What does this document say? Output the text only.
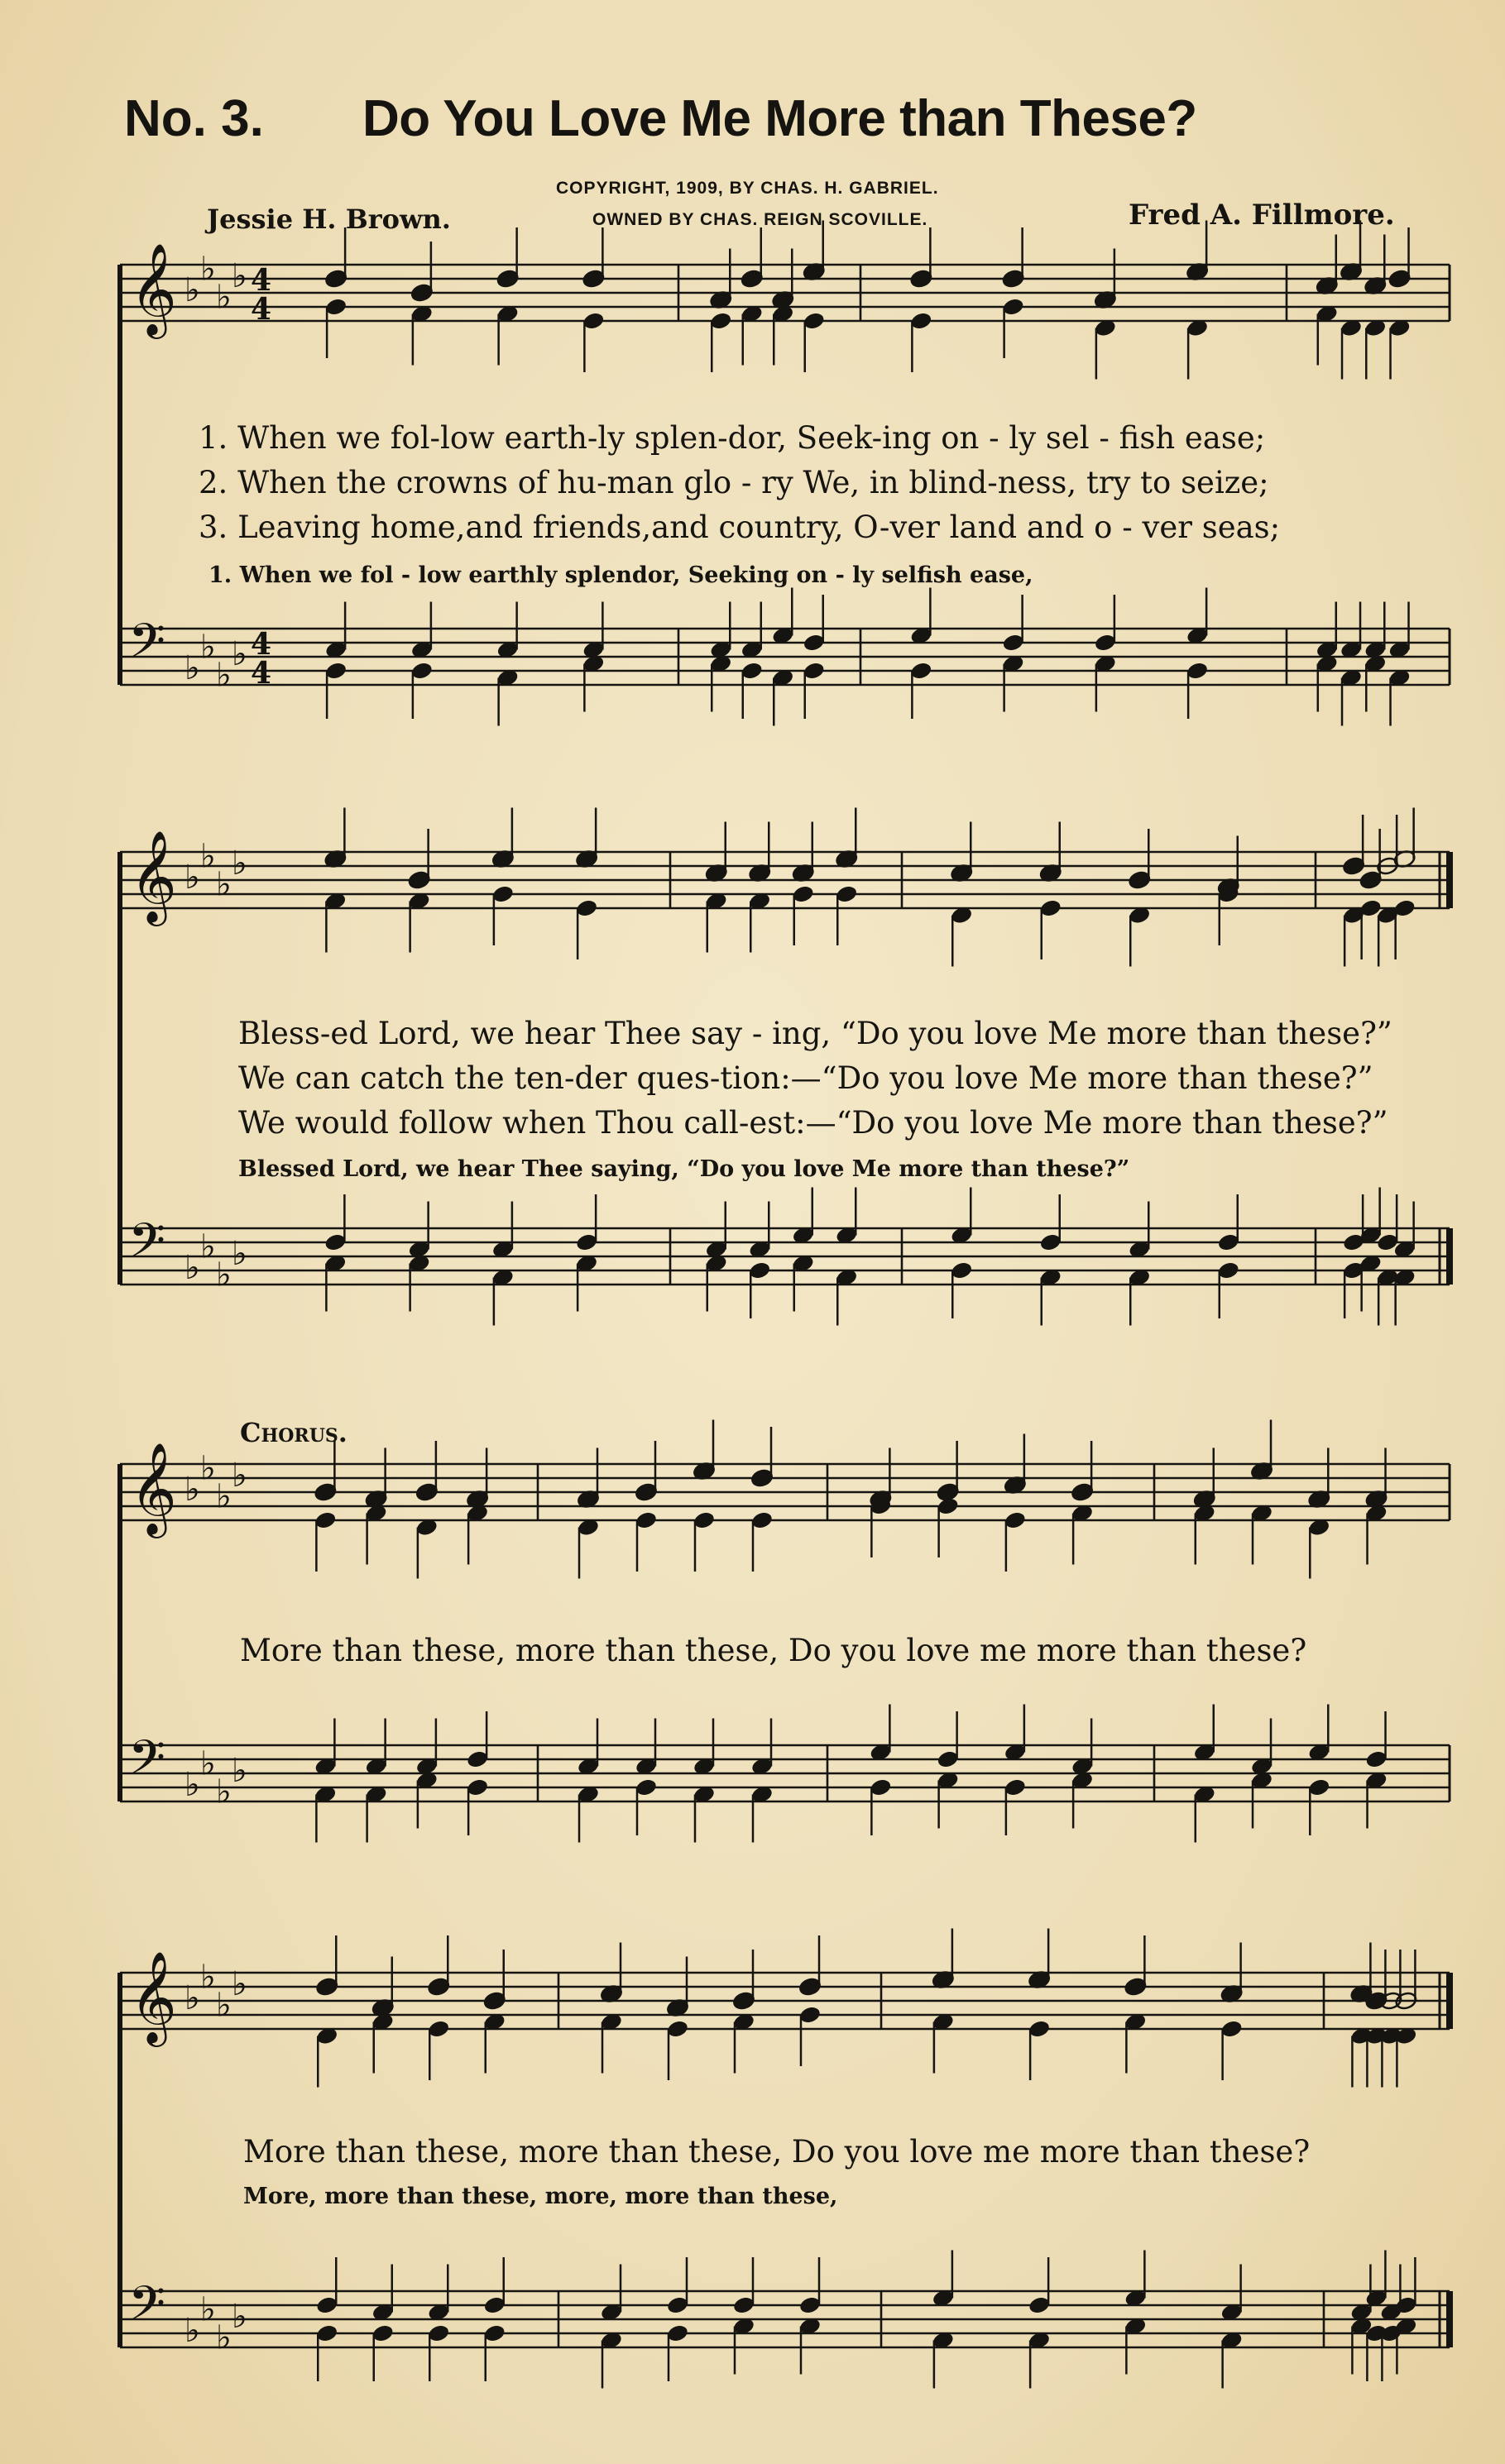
No. 3. Do You Love Me More than These?
COPYRIGHT, 1909, BY CHAS. H. GABRIEL.
OWNED BY CHAS. REIGN SCOVILLE.
Jessie H. Brown.	Fred A. Fillmore.
𝄞 ♭
♭
♭
♭ 4
4
𝄢 ♭
♭
♭
♭ 4
4
𝄞 ♭
♭
♭
♭
𝄢 ♭
♭
♭
♭
𝄞 ♭
♭
♭
♭
𝄢 ♭
♭
♭
♭
𝄞 ♭
♭
♭
♭
𝄢 ♭
♭
♭
♭
1. When we fol-low earth-ly splen-dor, Seek-ing on - ly sel - fish ease;
2. When the crowns of hu-man glo - ry We, in blind-ness, try to seize;
3. Leaving home,and friends,and country, O-ver land and o - ver seas;
1. When we fol - low earthly splendor, Seeking on - ly selfish ease,
Bless-ed Lord, we hear Thee say - ing, “Do you love Me more than these?”
We can catch the ten-der ques-tion:—“Do you love Me more than these?”
We would follow when Thou call-est:—“Do you love Me more than these?”
Blessed Lord, we hear Thee saying, “Do you love Me more than these?”
Chorus.
More than these, more than these, Do you love me more than these?
More than these, more than these, Do you love me more than these?
More, more than these, more, more than these,
